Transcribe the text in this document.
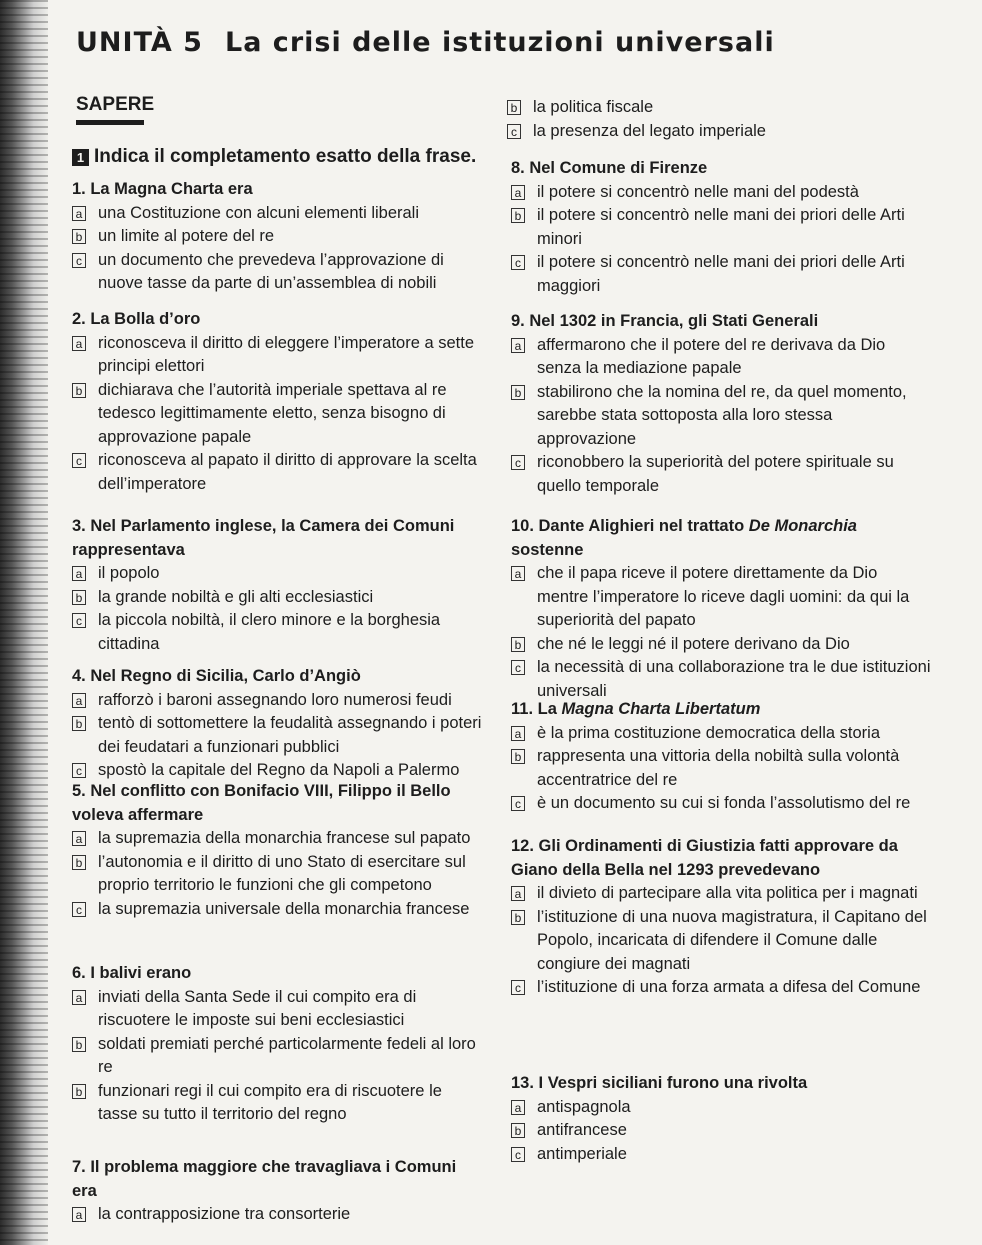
UNITÀ 5 La crisi delle istituzioni universali
SAPERE
1 Indica il completamento esatto della frase.
1. La Magna Charta era
a una Costituzione con alcuni elementi liberali
b un limite al potere del re
c un documento che prevedeva l’approvazione di nuove tasse da parte di un’assemblea di nobili
2. La Bolla d’oro
a riconosceva il diritto di eleggere l’imperatore a sette principi elettori
b dichiarava che l’autorità imperiale spettava al re tedesco legittimamente eletto, senza bisogno di approvazione papale
c riconosceva al papato il diritto di approvare la scelta dell’imperatore
3. Nel Parlamento inglese, la Camera dei Comuni rappresentava
a il popolo
b la grande nobiltà e gli alti ecclesiastici
c la piccola nobiltà, il clero minore e la borghesia cittadina
4. Nel Regno di Sicilia, Carlo d’Angiò
a rafforzò i baroni assegnando loro numerosi feudi
b tentò di sottomettere la feudalità assegnando i poteri dei feudatari a funzionari pubblici
c spostò la capitale del Regno da Napoli a Palermo
5. Nel conflitto con Bonifacio VIII, Filippo il Bello voleva affermare
a la supremazia della monarchia francese sul papato
b l’autonomia e il diritto di uno Stato di esercitare sul proprio territorio le funzioni che gli competono
c la supremazia universale della monarchia francese
6. I balivi erano
a inviati della Santa Sede il cui compito era di riscuotere le imposte sui beni ecclesiastici
b soldati premiati perché particolarmente fedeli al loro re
b funzionari regi il cui compito era di riscuotere le tasse su tutto il territorio del regno
7. Il problema maggiore che travagliava i Comuni era
a la contrapposizione tra consorterie
b la politica fiscale
c la presenza del legato imperiale
8. Nel Comune di Firenze
a il potere si concentrò nelle mani del podestà
b il potere si concentrò nelle mani dei priori delle Arti minori
c il potere si concentrò nelle mani dei priori delle Arti maggiori
9. Nel 1302 in Francia, gli Stati Generali
a affermarono che il potere del re derivava da Dio senza la mediazione papale
b stabilirono che la nomina del re, da quel momento, sarebbe stata sottoposta alla loro stessa approvazione
c riconobbero la superiorità del potere spirituale su quello temporale
10. Dante Alighieri nel trattato De Monarchia sostenne
a che il papa riceve il potere direttamente da Dio mentre l’imperatore lo riceve dagli uomini: da qui la superiorità del papato
b che né le leggi né il potere derivano da Dio
c la necessità di una collaborazione tra le due istituzioni universali
11. La Magna Charta Libertatum
a è la prima costituzione democratica della storia
b rappresenta una vittoria della nobiltà sulla volontà accentratrice del re
c è un documento su cui si fonda l’assolutismo del re
12. Gli Ordinamenti di Giustizia fatti approvare da Giano della Bella nel 1293 prevedevano
a il divieto di partecipare alla vita politica per i magnati
b l’istituzione di una nuova magistratura, il Capitano del Popolo, incaricata di difendere il Comune dalle congiure dei magnati
c l’istituzione di una forza armata a difesa del Comune
13. I Vespri siciliani furono una rivolta
a antispagnola
b antifrancese
c antimperiale
